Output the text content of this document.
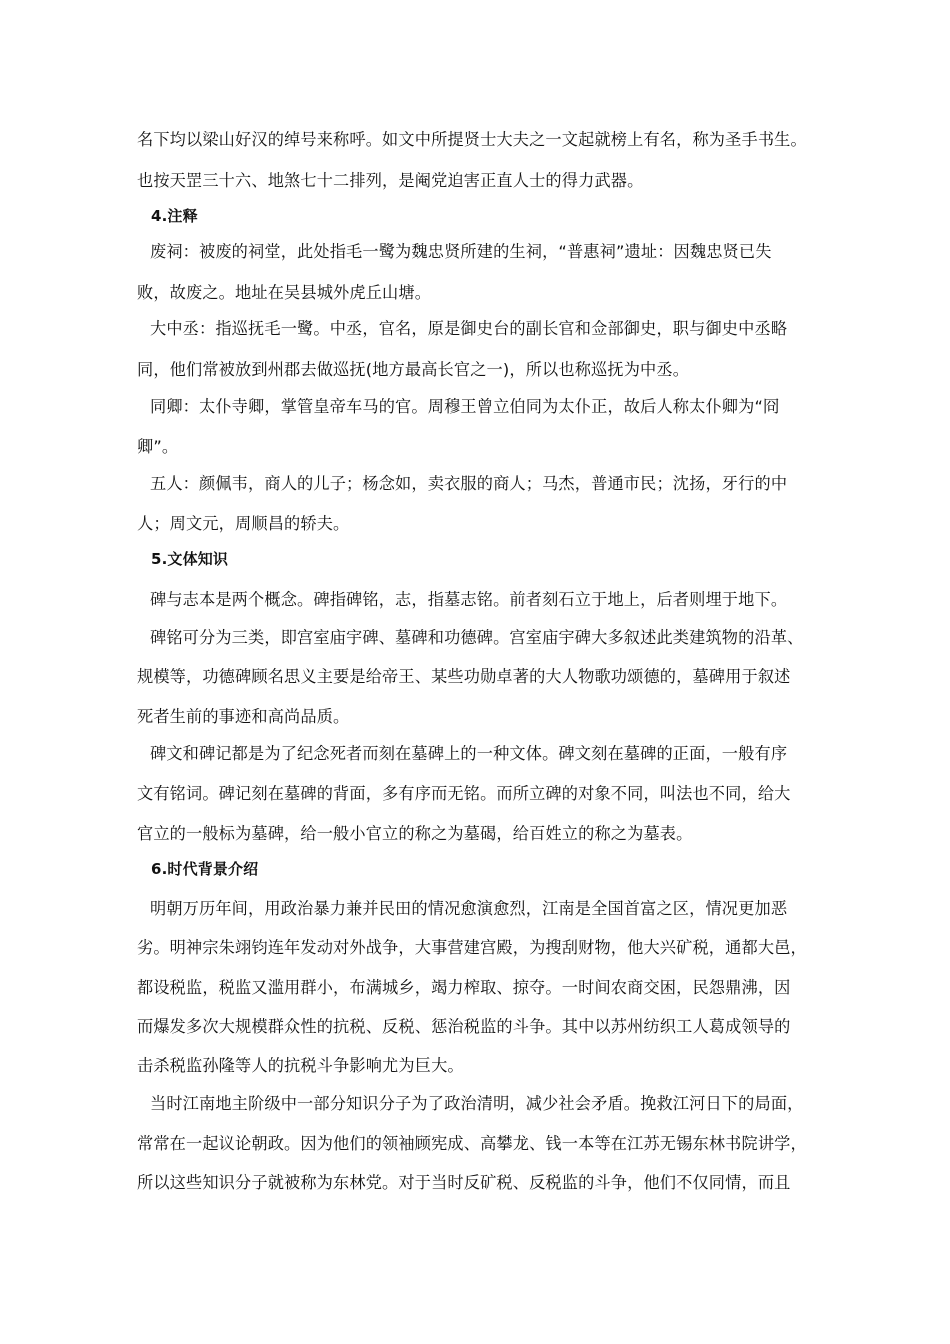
名下均以梁山好汉的绰号来称呼。如文中所提贤士大夫之一文起就榜上有名，称为圣手书生。
也按天罡三十六、地煞七十二排列，是阉党迫害正直人士的得力武器。
4.注释
废祠：被废的祠堂，此处指毛一鹭为魏忠贤所建的生祠，“普惠祠”遗址：因魏忠贤已失
败，故废之。地址在吴县城外虎丘山塘。
大中丞：指巡抚毛一鹭。中丞，官名，原是御史台的副长官和佥部御史，职与御史中丞略
同，他们常被放到州郡去做巡抚(地方最高长官之一)，所以也称巡抚为中丞。
同卿：太仆寺卿，掌管皇帝车马的官。周穆王曾立伯同为太仆正，故后人称太仆卿为“冏
卿”。
五人：颜佩韦，商人的儿子；杨念如，卖衣服的商人；马杰，普通市民；沈扬，牙行的中
人；周文元，周顺昌的轿夫。
5.文体知识
碑与志本是两个概念。碑指碑铭，志，指墓志铭。前者刻石立于地上，后者则埋于地下。
碑铭可分为三类，即宫室庙宇碑、墓碑和功德碑。宫室庙宇碑大多叙述此类建筑物的沿革、
规模等，功德碑顾名思义主要是给帝王、某些功勋卓著的大人物歌功颂德的，墓碑用于叙述
死者生前的事迹和高尚品质。
碑文和碑记都是为了纪念死者而刻在墓碑上的一种文体。碑文刻在墓碑的正面，一般有序
文有铭词。碑记刻在墓碑的背面，多有序而无铭。而所立碑的对象不同，叫法也不同，给大
官立的一般标为墓碑，给一般小官立的称之为墓碣，给百姓立的称之为墓表。
6.时代背景介绍
明朝万历年间，用政治暴力兼并民田的情况愈演愈烈，江南是全国首富之区，情况更加恶
劣。明神宗朱翊钧连年发动对外战争，大事营建宫殿，为搜刮财物，他大兴矿税，通都大邑，
都设税监，税监又滥用群小，布满城乡，竭力榨取、掠夺。一时间农商交困，民怨鼎沸，因
而爆发多次大规模群众性的抗税、反税、惩治税监的斗争。其中以苏州纺织工人葛成领导的
击杀税监孙隆等人的抗税斗争影响尤为巨大。
当时江南地主阶级中一部分知识分子为了政治清明，减少社会矛盾。挽救江河日下的局面，
常常在一起议论朝政。因为他们的领袖顾宪成、高攀龙、钱一本等在江苏无锡东林书院讲学，
所以这些知识分子就被称为东林党。对于当时反矿税、反税监的斗争，他们不仅同情，而且
